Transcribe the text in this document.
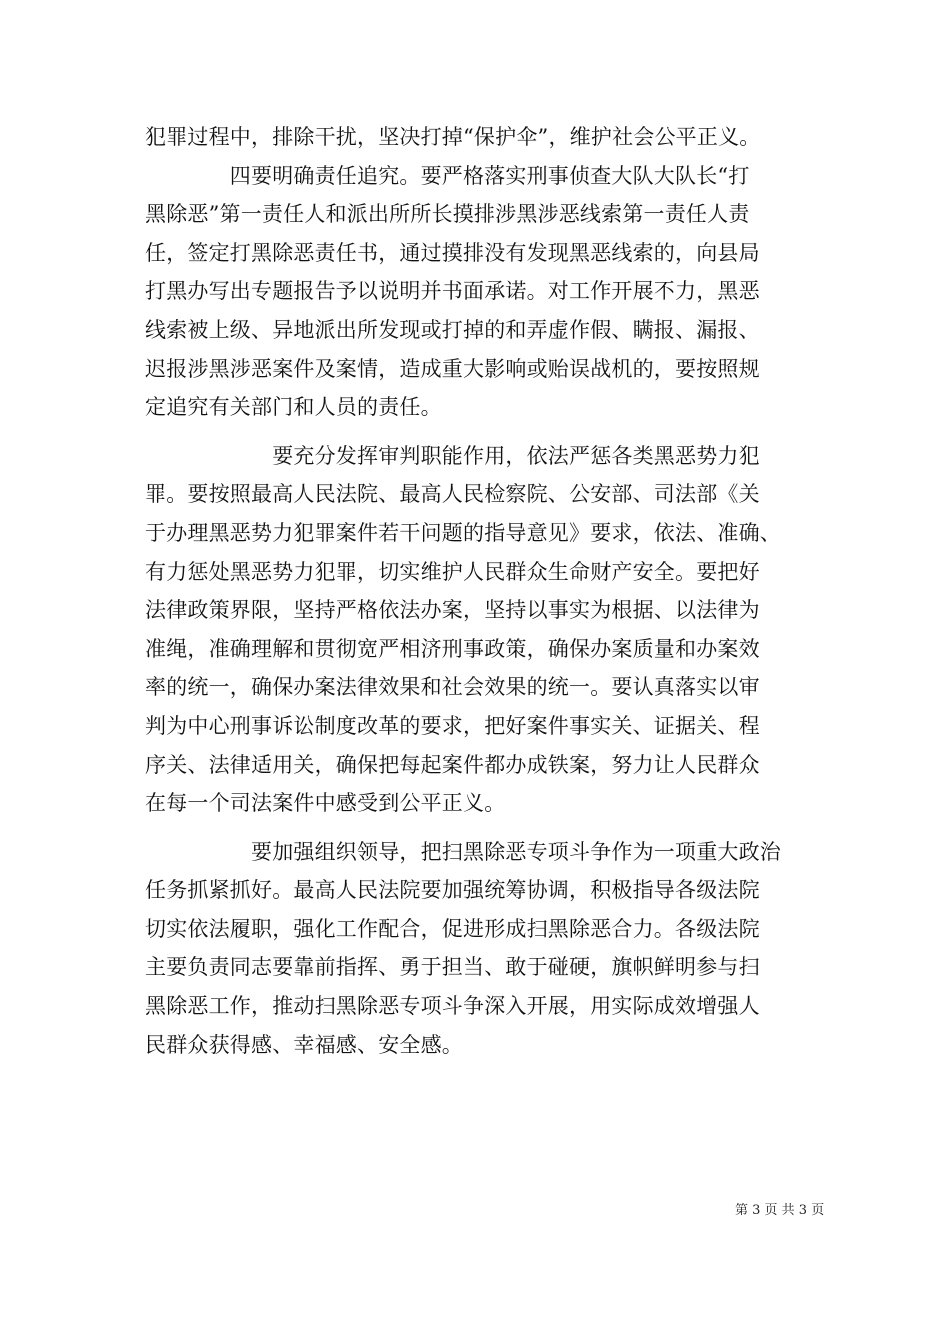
犯罪过程中，排除干扰，坚决打掉“保护伞”，维护社会公平正义。
　　　　四要明确责任追究。要严格落实刑事侦查大队大队长“打
黑除恶”第一责任人和派出所所长摸排涉黑涉恶线索第一责任人责
任，签定打黑除恶责任书，通过摸排没有发现黑恶线索的，向县局
打黑办写出专题报告予以说明并书面承诺。对工作开展不力，黑恶
线索被上级、异地派出所发现或打掉的和弄虚作假、瞒报、漏报、
迟报涉黑涉恶案件及案情，造成重大影响或贻误战机的，要按照规
定追究有关部门和人员的责任。
　　　　　　要充分发挥审判职能作用，依法严惩各类黑恶势力犯
罪。要按照最高人民法院、最高人民检察院、公安部、司法部《关
于办理黑恶势力犯罪案件若干问题的指导意见》要求，依法、准确、
有力惩处黑恶势力犯罪，切实维护人民群众生命财产安全。要把好
法律政策界限，坚持严格依法办案，坚持以事实为根据、以法律为
准绳，准确理解和贯彻宽严相济刑事政策，确保办案质量和办案效
率的统一，确保办案法律效果和社会效果的统一。要认真落实以审
判为中心刑事诉讼制度改革的要求，把好案件事实关、证据关、程
序关、法律适用关，确保把每起案件都办成铁案，努力让人民群众
在每一个司法案件中感受到公平正义。
　　　　　要加强组织领导，把扫黑除恶专项斗争作为一项重大政治
任务抓紧抓好。最高人民法院要加强统筹协调，积极指导各级法院
切实依法履职，强化工作配合，促进形成扫黑除恶合力。各级法院
主要负责同志要靠前指挥、勇于担当、敢于碰硬，旗帜鲜明参与扫
黑除恶工作，推动扫黑除恶专项斗争深入开展，用实际成效增强人
民群众获得感、幸福感、安全感。
第 3 页 共 3 页
